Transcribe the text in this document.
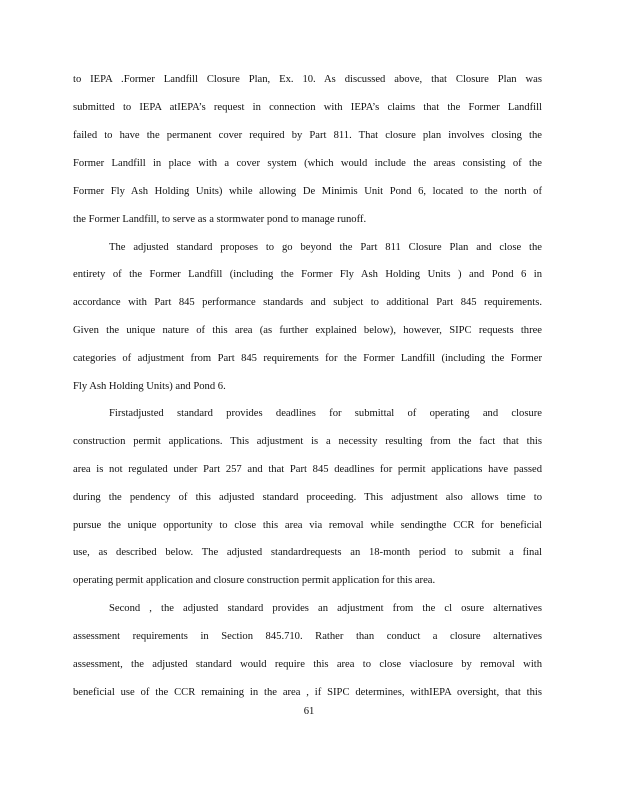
to IEPA .Former Landfill Closure Plan, Ex. 10. As discussed above, that Closure Plan was
submitted to IEPA atIEPA’s request in connection with IEPA’s claims that the Former Landfill
failed to have the permanent cover required by Part 811. That closure plan involves closing the
Former Landfill in place with a cover system (which would include the areas consisting of the
Former Fly Ash Holding Units) while allowing De Minimis Unit Pond 6, located to the north of
the Former Landfill, to serve as a stormwater pond to manage runoff.
The adjusted standard proposes to go beyond the Part 811 Closure Plan and close the
entirety of the Former Landfill (including the Former Fly Ash Holding Units ) and Pond 6 in
accordance with Part 845 performance standards and subject to additional Part 845 requirements.
Given the unique nature of this area (as further explained below), however, SIPC requests three
categories of adjustment from Part 845 requirements for the Former Landfill (including the Former
Fly Ash Holding Units) and Pond 6.
Firstadjusted standard provides deadlines for submittal of operating and closure
construction permit applications. This adjustment is a necessity resulting from the fact that this
area is not regulated under Part 257 and that Part 845 deadlines for permit applications have passed
during the pendency of this adjusted standard proceeding. This adjustment also allows time to
pursue the unique opportunity to close this area via removal while sendingthe CCR for beneficial
use, as described below. The adjusted standardrequests an 18-month period to submit a final
operating permit application and closure construction permit application for this area.
Second , the adjusted standard provides an adjustment from the cl osure alternatives
assessment requirements in Section 845.710. Rather than conduct a closure alternatives
assessment, the adjusted standard would require this area to close viaclosure by removal with
beneficial use of the CCR remaining in the area , if SIPC determines, withIEPA oversight, that this
61
